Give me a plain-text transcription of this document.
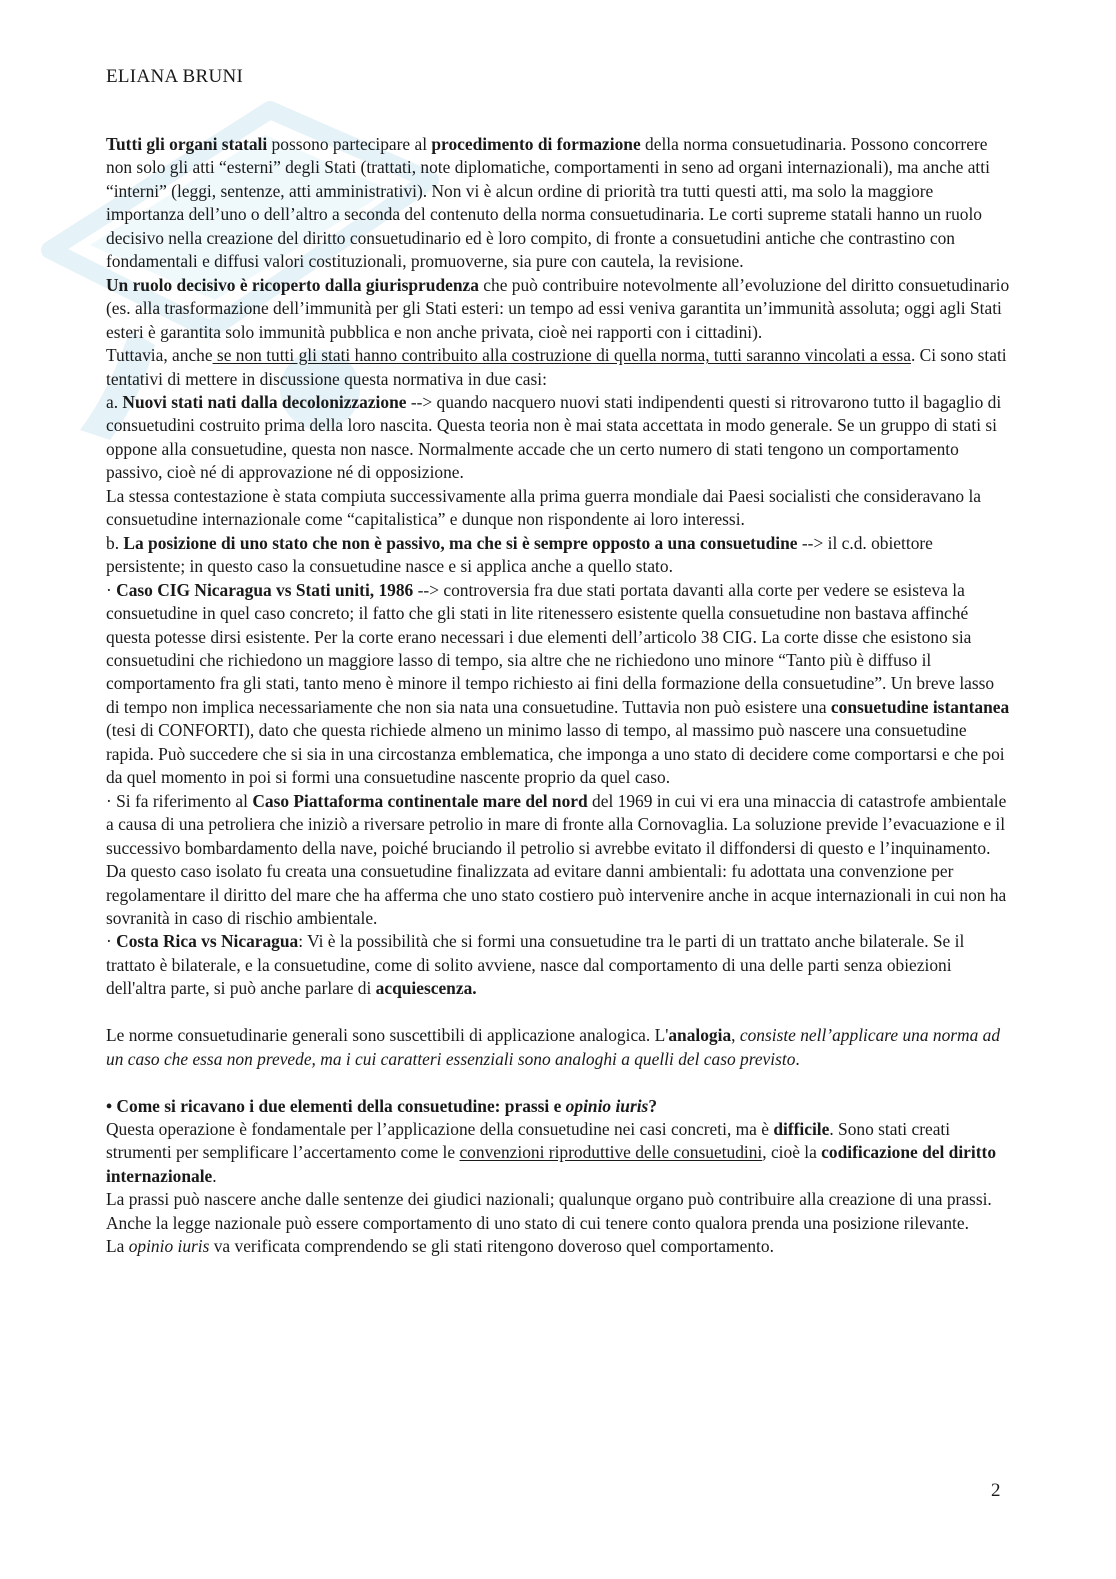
ELIANA BRUNI

Tutti gli organi statali possono partecipare al procedimento di formazione della norma consuetudinaria. Possono concorrere non solo gli atti “esterni” degli Stati (trattati, note diplomatiche, comportamenti in seno ad organi internazionali), ma anche atti “interni” (leggi, sentenze, atti amministrativi). Non vi è alcun ordine di priorità tra tutti questi atti, ma solo la maggiore importanza dell’uno o dell’altro a seconda del contenuto della norma consuetudinaria. Le corti supreme statali hanno un ruolo decisivo nella creazione del diritto consuetudinario ed è loro compito, di fronte a consuetudini antiche che contrastino con fondamentali e diffusi valori costituzionali, promuoverne, sia pure con cautela, la revisione.

Un ruolo decisivo è ricoperto dalla giurisprudenza che può contribuire notevolmente all’evoluzione del diritto consuetudinario (es. alla trasformazione dell’immunità per gli Stati esteri: un tempo ad essi veniva garantita un’immunità assoluta; oggi agli Stati esteri è garantita solo immunità pubblica e non anche privata, cioè nei rapporti con i cittadini).

Tuttavia, anche se non tutti gli stati hanno contribuito alla costruzione di quella norma, tutti saranno vincolati a essa. Ci sono stati tentativi di mettere in discussione questa normativa in due casi:

a. Nuovi stati nati dalla decolonizzazione --> quando nacquero nuovi stati indipendenti questi si ritrovarono tutto il bagaglio di consuetudini costruito prima della loro nascita. Questa teoria non è mai stata accettata in modo generale. Se un gruppo di stati si oppone alla consuetudine, questa non nasce. Normalmente accade che un certo numero di stati tengono un comportamento passivo, cioè né di approvazione né di opposizione.

La stessa contestazione è stata compiuta successivamente alla prima guerra mondiale dai Paesi socialisti che consideravano la consuetudine internazionale come “capitalistica” e dunque non rispondente ai loro interessi.

b. La posizione di uno stato che non è passivo, ma che si è sempre opposto a una consuetudine --> il c.d. obiettore persistente; in questo caso la consuetudine nasce e si applica anche a quello stato.

· Caso CIG Nicaragua vs Stati uniti, 1986 --> controversia fra due stati portata davanti alla corte per vedere se esisteva la consuetudine in quel caso concreto; il fatto che gli stati in lite ritenessero esistente quella consuetudine non bastava affinché questa potesse dirsi esistente. Per la corte erano necessari i due elementi dell’articolo 38 CIG. La corte disse che esistono sia consuetudini che richiedono un maggiore lasso di tempo, sia altre che ne richiedono uno minore “Tanto più è diffuso il comportamento fra gli stati, tanto meno è minore il tempo richiesto ai fini della formazione della consuetudine”. Un breve lasso di tempo non implica necessariamente che non sia nata una consuetudine. Tuttavia non può esistere una consuetudine istantanea (tesi di CONFORTI), dato che questa richiede almeno un minimo lasso di tempo, al massimo può nascere una consuetudine rapida. Può succedere che si sia in una circostanza emblematica, che imponga a uno stato di decidere come comportarsi e che poi da quel momento in poi si formi una consuetudine nascente proprio da quel caso.

· Si fa riferimento al Caso Piattaforma continentale mare del nord del 1969 in cui vi era una minaccia di catastrofe ambientale a causa di una petroliera che iniziò a riversare petrolio in mare di fronte alla Cornovaglia. La soluzione previde l’evacuazione e il successivo bombardamento della nave, poiché bruciando il petrolio si avrebbe evitato il diffondersi di questo e l’inquinamento. Da questo caso isolato fu creata una consuetudine finalizzata ad evitare danni ambientali: fu adottata una convenzione per regolamentare il diritto del mare che ha afferma che uno stato costiero può intervenire anche in acque internazionali in cui non ha sovranità in caso di rischio ambientale.

· Costa Rica vs Nicaragua: Vi è la possibilità che si formi una consuetudine tra le parti di un trattato anche bilaterale. Se il trattato è bilaterale, e la consuetudine, come di solito avviene, nasce dal comportamento di una delle parti senza obiezioni dell'altra parte, si può anche parlare di acquiescenza.

Le norme consuetudinarie generali sono suscettibili di applicazione analogica. L'analogia, consiste nell’applicare una norma ad un caso che essa non prevede, ma i cui caratteri essenziali sono analoghi a quelli del caso previsto.

• Come si ricavano i due elementi della consuetudine: prassi e opinio iuris?

Questa operazione è fondamentale per l’applicazione della consuetudine nei casi concreti, ma è difficile. Sono stati creati strumenti per semplificare l’accertamento come le convenzioni riproduttive delle consuetudini, cioè la codificazione del diritto internazionale.

La prassi può nascere anche dalle sentenze dei giudici nazionali; qualunque organo può contribuire alla creazione di una prassi. Anche la legge nazionale può essere comportamento di uno stato di cui tenere conto qualora prenda una posizione rilevante.

La opinio iuris va verificata comprendendo se gli stati ritengono doveroso quel comportamento.

2
